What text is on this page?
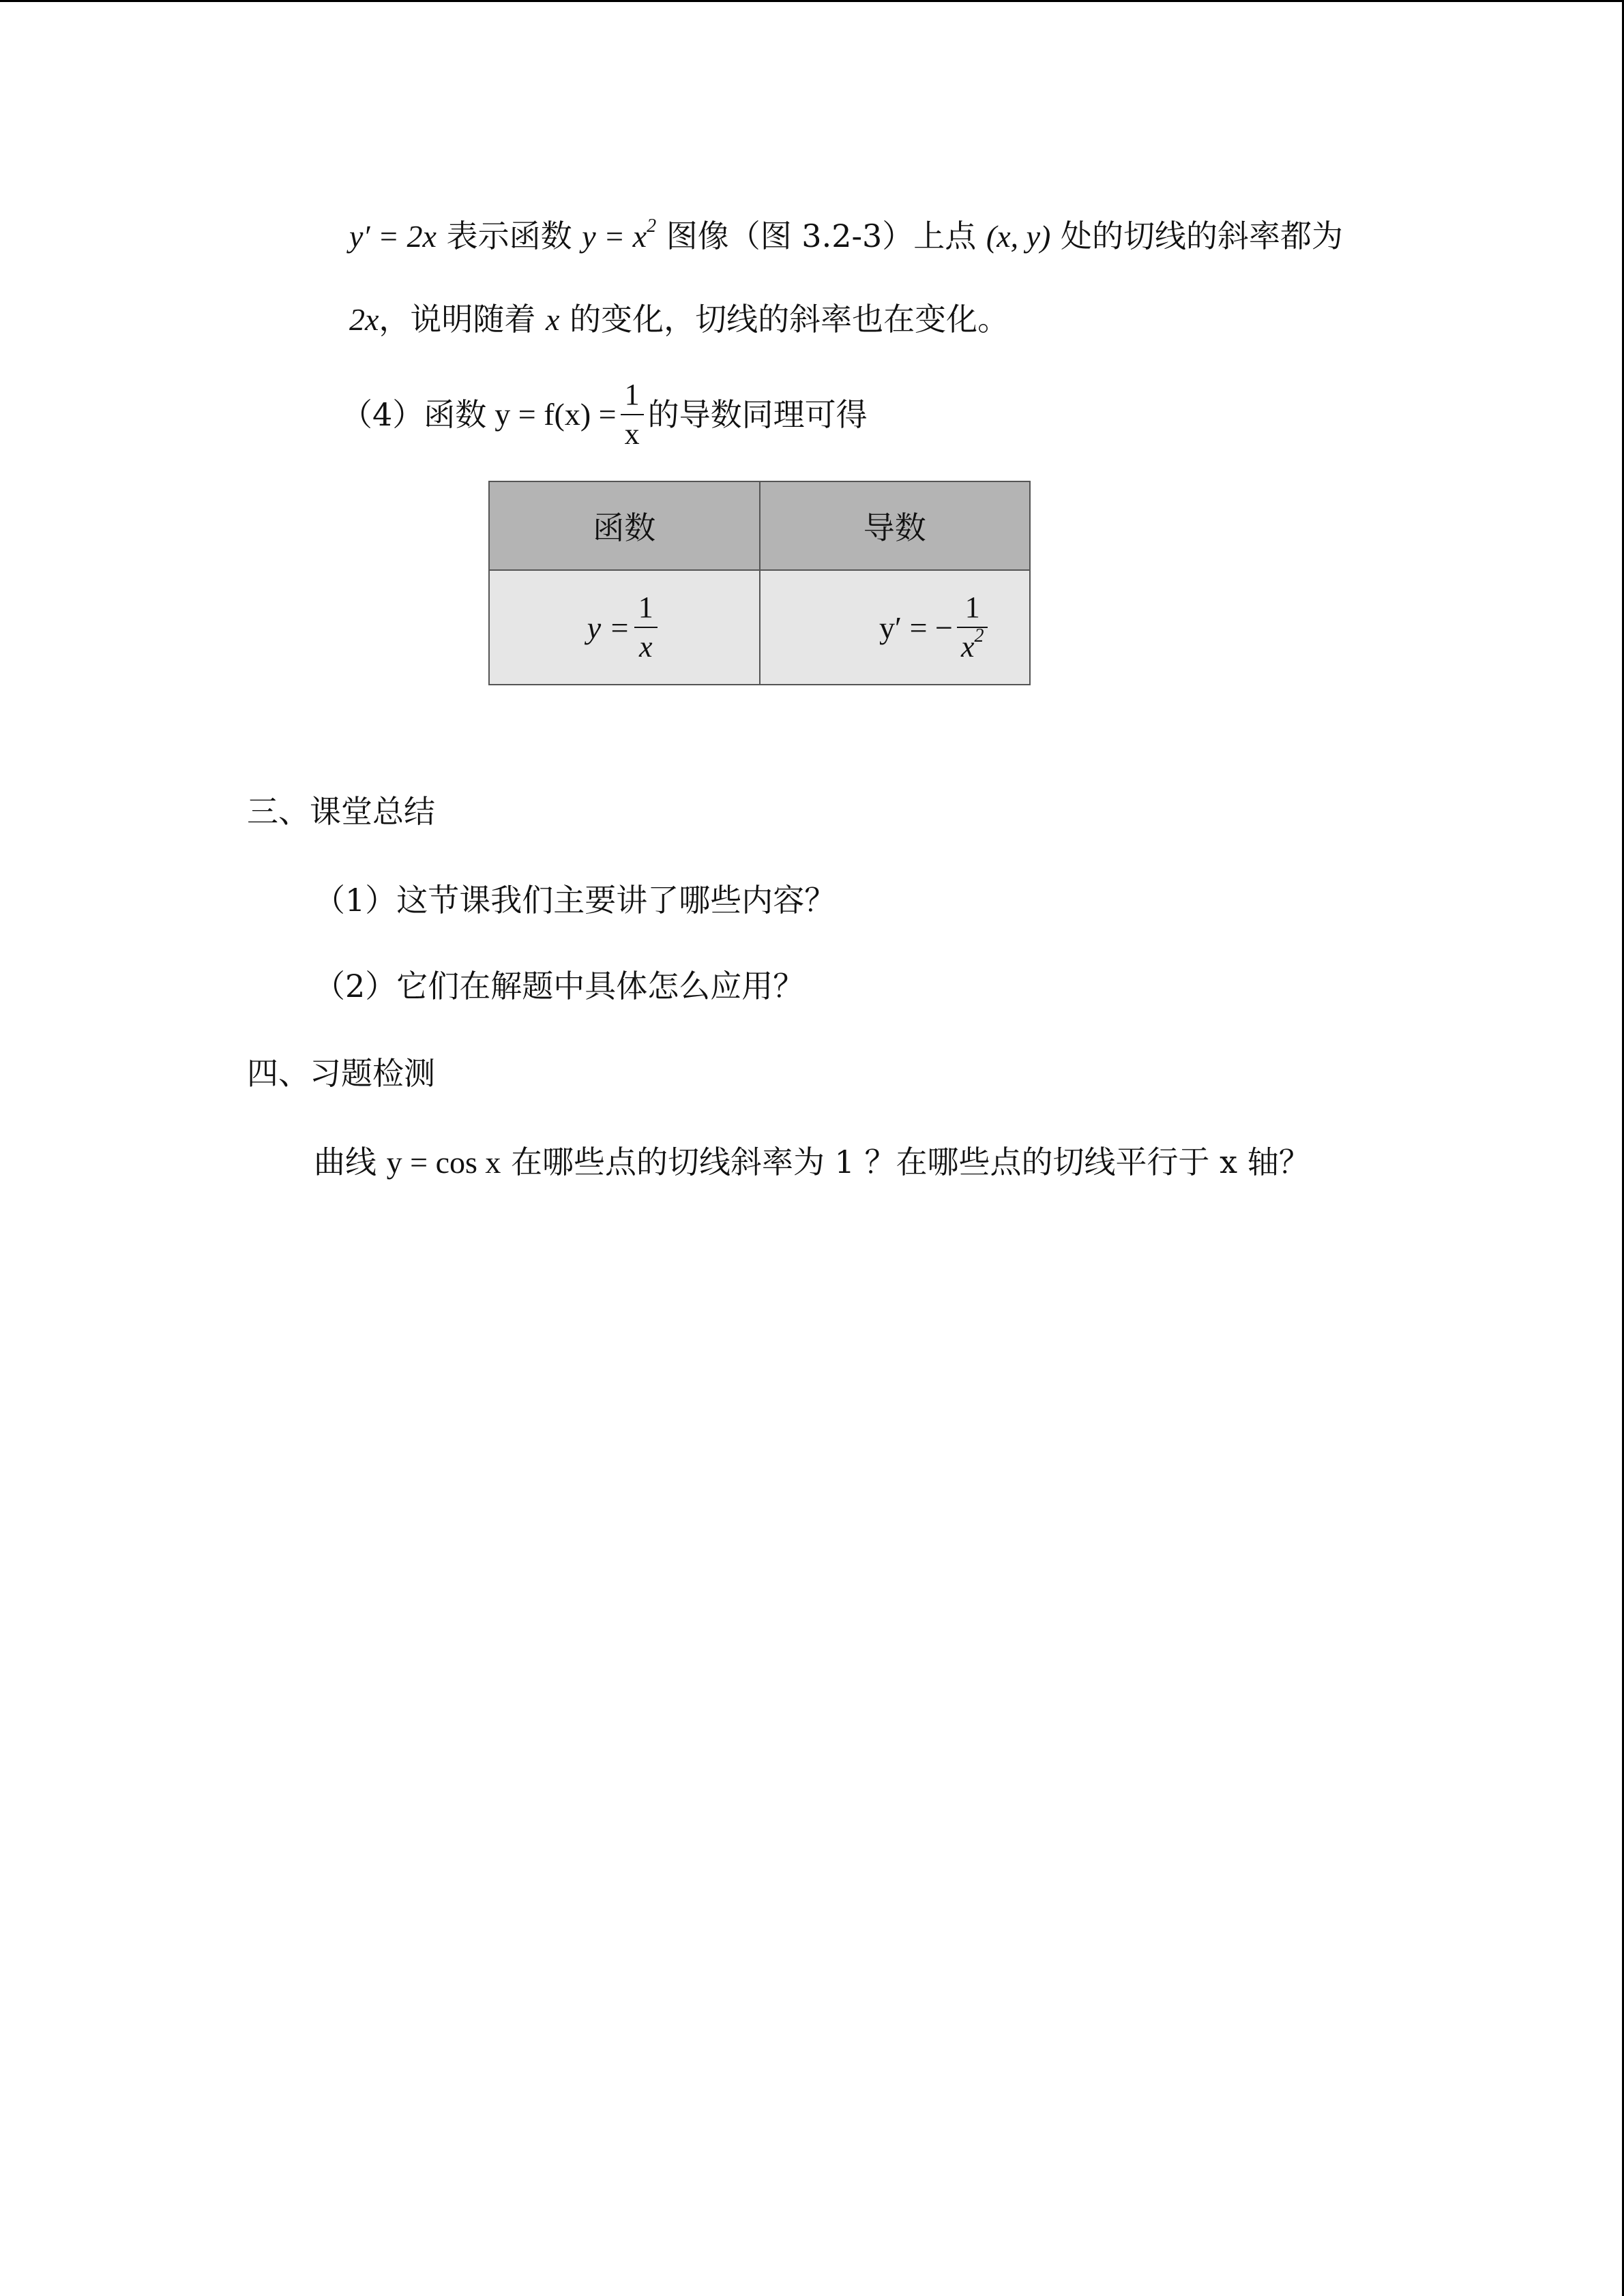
y′ = 2x 表示函数 $y = x^2$ 图像（图 3.2-3）上点 (x, y) 处的切线的斜率都为
2x，说明随着 x 的变化，切线的斜率也在变化。
（4）函数 $y = f(x) = \frac{1}{x}$ 的导数同理可得
函数	导数

$y = \frac{1}{x}$	y′ = − $\frac{1}{x^2}$
三、课堂总结
（1）这节课我们主要讲了哪些内容？
（2）它们在解题中具体怎么应用？
四、习题检测
曲线 y = cos x 在哪些点的切线斜率为 1 ？在哪些点的切线平行于 x 轴？
